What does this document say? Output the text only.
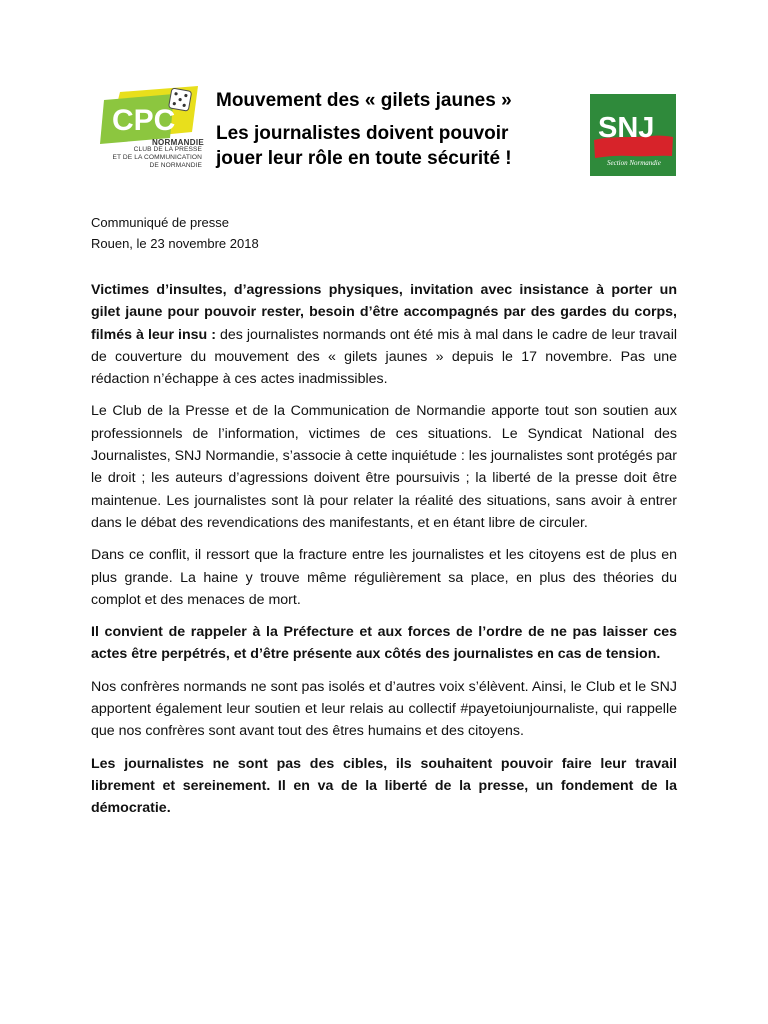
CPC
NORMANDIE
CLUB DE LA PRESSE
ET DE LA COMMUNICATION
DE NORMANDIE
Mouvement des « gilets jaunes »
Les journalistes doivent pouvoir
jouer leur rôle en toute sécurité !
SNJ
Section Normandie
Communiqué de presse
Rouen, le 23 novembre 2018

Victimes d’insultes, d’agressions physiques, invitation avec insistance à porter un gilet jaune pour pouvoir rester, besoin d’être accompagnés par des gardes du corps, filmés à leur insu : des journalistes normands ont été mis à mal dans le cadre de leur travail de couverture du mouvement des « gilets jaunes » depuis le 17 novembre. Pas une rédaction n’échappe à ces actes inadmissibles.

Le Club de la Presse et de la Communication de Normandie apporte tout son soutien aux professionnels de l’information, victimes de ces situations. Le Syndicat National des Journalistes, SNJ Normandie, s’associe à cette inquiétude : les journalistes sont protégés par le droit ; les auteurs d’agressions doivent être poursuivis ; la liberté de la presse doit être maintenue. Les journalistes sont là pour relater la réalité des situations, sans avoir à entrer dans le débat des revendications des manifestants, et en étant libre de circuler.

Dans ce conflit, il ressort que la fracture entre les journalistes et les citoyens est de plus en plus grande. La haine y trouve même régulièrement sa place, en plus des théories du complot et des menaces de mort.

Il convient de rappeler à la Préfecture et aux forces de l’ordre de ne pas laisser ces actes être perpétrés, et d’être présente aux côtés des journalistes en cas de tension.

Nos confrères normands ne sont pas isolés et d’autres voix s’élèvent. Ainsi, le Club et le SNJ apportent également leur soutien et leur relais au collectif #payetoiunjournaliste, qui rappelle que nos confrères sont avant tout des êtres humains et des citoyens.

Les journalistes ne sont pas des cibles, ils souhaitent pouvoir faire leur travail librement et sereinement. Il en va de la liberté de la presse, un fondement de la démocratie.
